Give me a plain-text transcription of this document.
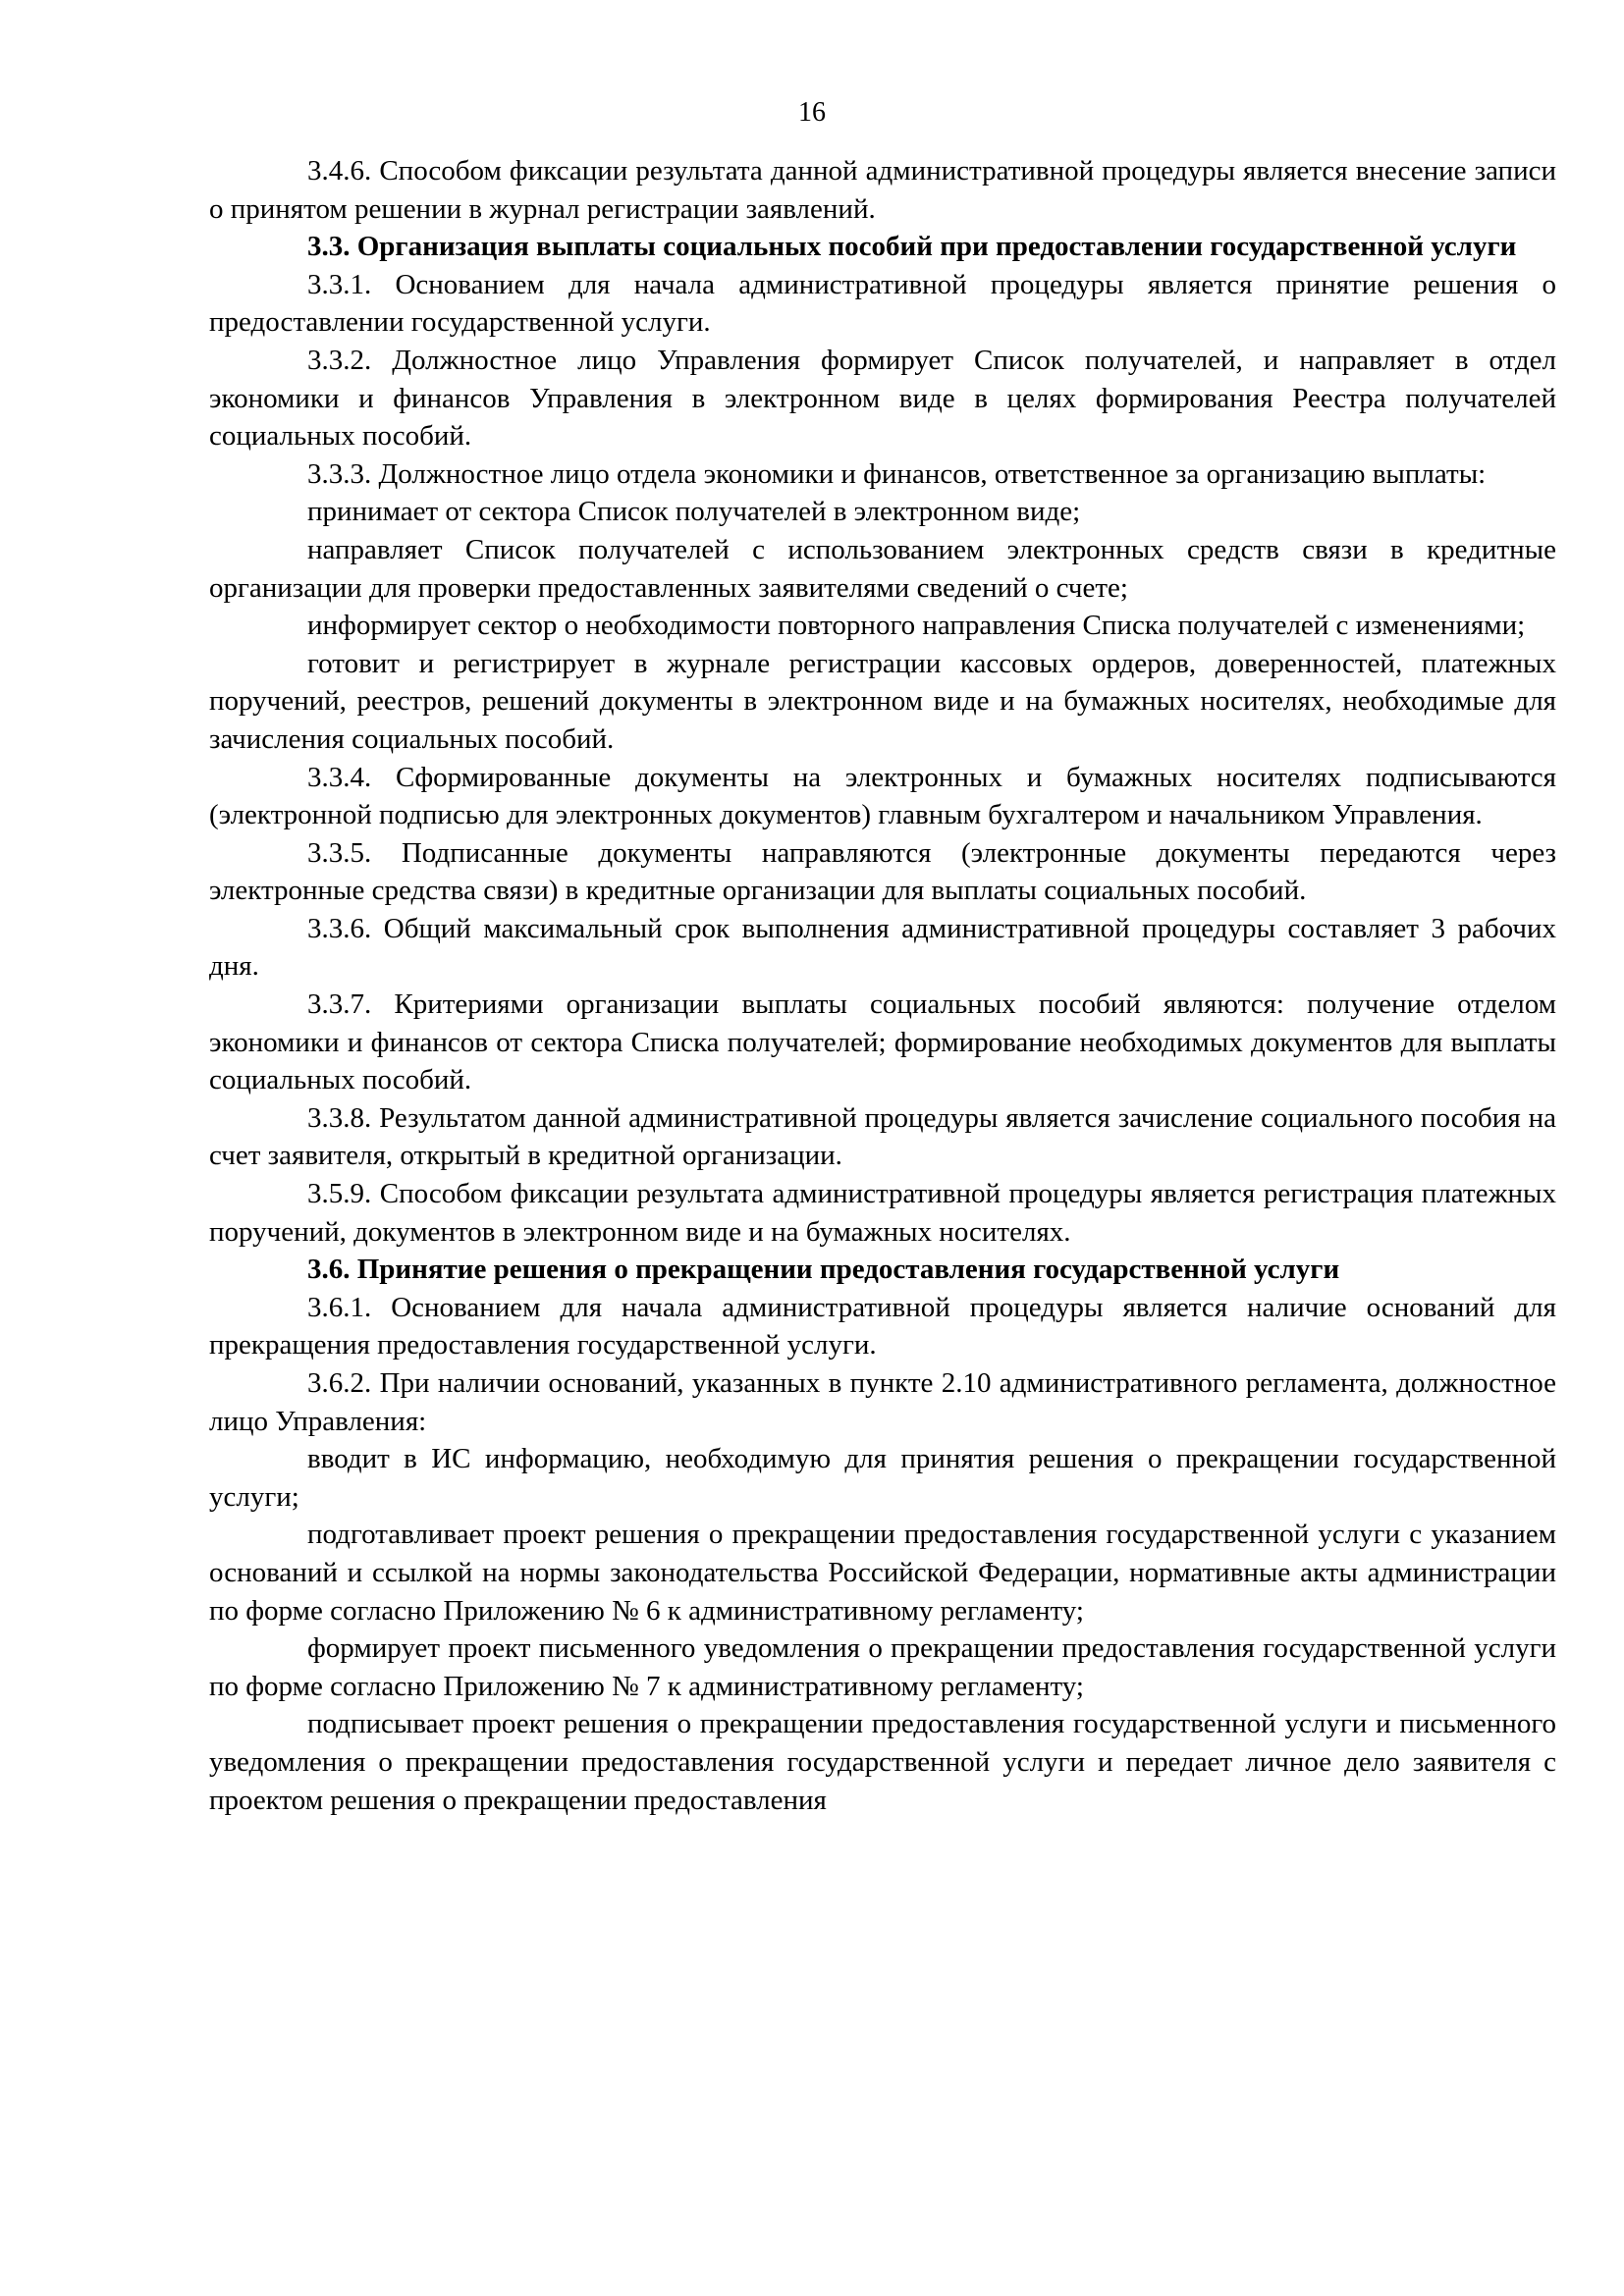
16

3.4.6. Способом фиксации результата данной административной процедуры является внесение записи о принятом решении в журнал регистрации заявлений.

3.3. Организация выплаты социальных пособий при предоставлении государственной услуги

3.3.1. Основанием для начала административной процедуры является принятие решения о предоставлении государственной услуги.

3.3.2. Должностное лицо Управления формирует Список получателей, и направляет в отдел экономики и финансов Управления в электронном виде в целях формирования Реестра получателей социальных пособий.

3.3.3. Должностное лицо отдела экономики и финансов, ответственное за организацию выплаты:

принимает от сектора Список получателей в электронном виде;

направляет Список получателей с использованием электронных средств связи в кредитные организации для проверки предоставленных заявителями сведений о счете;

информирует сектор о необходимости повторного направления Списка получателей с изменениями;

готовит и регистрирует в журнале регистрации кассовых ордеров, доверенностей, платежных поручений, реестров, решений документы в электронном виде и на бумажных носителях, необходимые для зачисления социальных пособий.

3.3.4. Сформированные документы на электронных и бумажных носителях подписываются (электронной подписью для электронных документов) главным бухгалтером и начальником Управления.

3.3.5. Подписанные документы направляются (электронные документы передаются через электронные средства связи) в кредитные организации для выплаты социальных пособий.

3.3.6. Общий максимальный срок выполнения административной процедуры составляет 3 рабочих дня.

3.3.7. Критериями организации выплаты социальных пособий являются: получение отделом экономики и финансов от сектора Списка получателей; формирование необходимых документов для выплаты социальных пособий.

3.3.8. Результатом данной административной процедуры является зачисление социального пособия на счет заявителя, открытый в кредитной организации.

3.5.9. Способом фиксации результата административной процедуры является регистрация платежных поручений, документов в электронном виде и на бумажных носителях.

3.6. Принятие решения о прекращении предоставления государственной услуги

3.6.1. Основанием для начала административной процедуры является наличие оснований для прекращения предоставления государственной услуги.

3.6.2. При наличии оснований, указанных в пункте 2.10 административного регламента, должностное лицо Управления:

вводит в ИС информацию, необходимую для принятия решения о прекращении государственной услуги;

подготавливает проект решения о прекращении предоставления государственной услуги с указанием оснований и ссылкой на нормы законодательства Российской Федерации, нормативные акты администрации по форме согласно Приложению № 6 к административному регламенту;

формирует проект письменного уведомления о прекращении предоставления государственной услуги по форме согласно Приложению № 7 к административному регламенту;

подписывает проект решения о прекращении предоставления государственной услуги и письменного уведомления о прекращении предоставления государственной услуги и передает личное дело заявителя с проектом решения о прекращении предоставления
